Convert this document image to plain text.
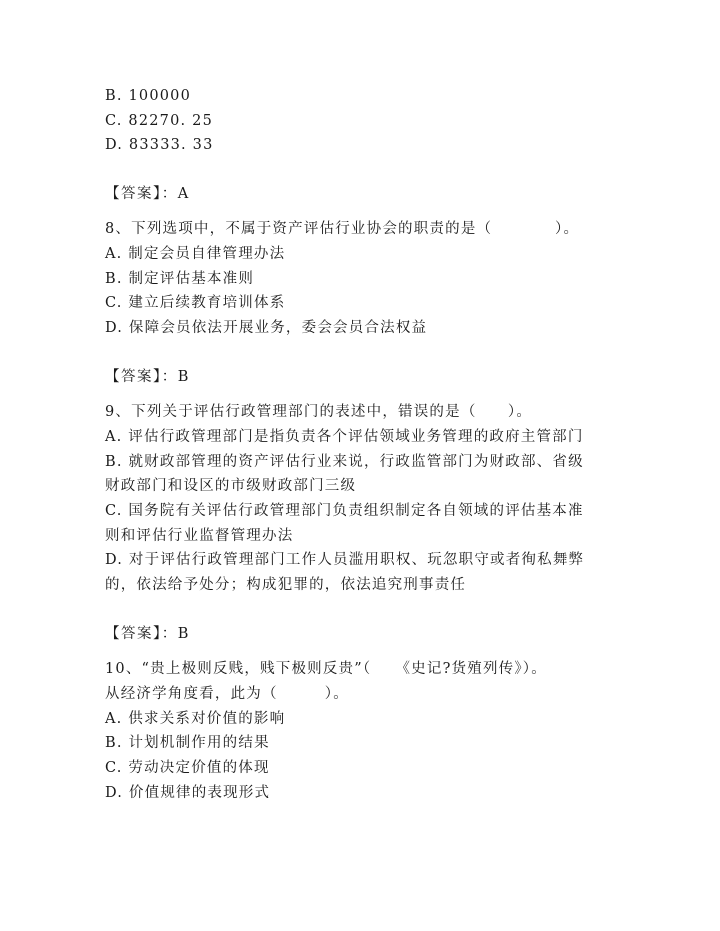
B. 100000
C. 82270. 25
D. 83333. 33
【答案】：A
8、下列选项中，不属于资产评估行业协会的职责的是（　　　　）。
A. 制定会员自律管理办法
B. 制定评估基本准则
C. 建立后续教育培训体系
D. 保障会员依法开展业务，委会会员合法权益
【答案】：B
9、下列关于评估行政管理部门的表述中，错误的是（　　）。
A. 评估行政管理部门是指负责各个评估领域业务管理的政府主管部门
B. 就财政部管理的资产评估行业来说，行政监管部门为财政部、省级
财政部门和设区的市级财政部门三级
C. 国务院有关评估行政管理部门负责组织制定各自领域的评估基本准
则和评估行业监督管理办法
D. 对于评估行政管理部门工作人员滥用职权、玩忽职守或者徇私舞弊
的，依法给予处分；构成犯罪的，依法追究刑事责任
【答案】：B
10、“贵上极则反贱，贱下极则反贵”（　　《史记?货殖列传》）。
从经济学角度看，此为（　　　）。
A. 供求关系对价值的影响
B. 计划机制作用的结果
C. 劳动决定价值的体现
D. 价值规律的表现形式
